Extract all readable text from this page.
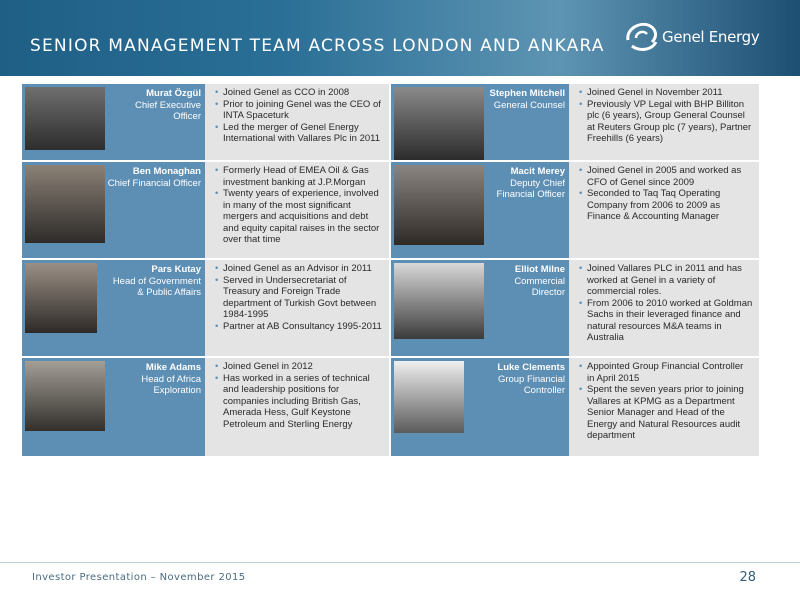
SENIOR MANAGEMENT TEAM ACROSS LONDON AND ANKARA	Genel Energy
Murat Özgül
Chief Executive Officer
• Joined Genel as CCO in 2008
• Prior to joining Genel was the CEO of INTA Spaceturk
• Led the merger of Genel Energy International with Vallares Plc in 2011
Stephen Mitchell
General Counsel
• Joined Genel in November 2011
• Previously VP Legal with BHP Billiton plc (6 years), Group General Counsel at Reuters Group plc (7 years), Partner Freehills (6 years)
Ben Monaghan
Chief Financial Officer
• Formerly Head of EMEA Oil & Gas investment banking at J.P.Morgan
• Twenty years of experience, involved in many of the most significant mergers and acquisitions and debt and equity capital raises in the sector over that time
Macit Merey
Deputy Chief Financial Officer
• Joined Genel in 2005 and worked as CFO of Genel since 2009
• Seconded to Taq Taq Operating Company from 2006 to 2009 as Finance & Accounting Manager
Pars Kutay
Head of Government & Public Affairs
• Joined Genel as an Advisor in 2011
• Served in Undersecretariat of Treasury and Foreign Trade department of Turkish Govt between 1984-1995
• Partner at AB Consultancy 1995-2011
Elliot Milne
Commercial Director
• Joined Vallares PLC in 2011 and has worked at Genel in a variety of commercial roles.
• From 2006 to 2010 worked at Goldman Sachs in their leveraged finance and natural resources M&A teams in Australia
Mike Adams
Head of Africa Exploration
• Joined Genel in 2012
• Has worked in a series of technical and leadership positions for companies including British Gas, Amerada Hess, Gulf Keystone Petroleum and Sterling Energy
Luke Clements
Group Financial Controller
• Appointed Group Financial Controller in April 2015
• Spent the seven years prior to joining Vallares at KPMG as a Department Senior Manager and Head of the Energy and Natural Resources audit department
Investor Presentation – November 2015	28
